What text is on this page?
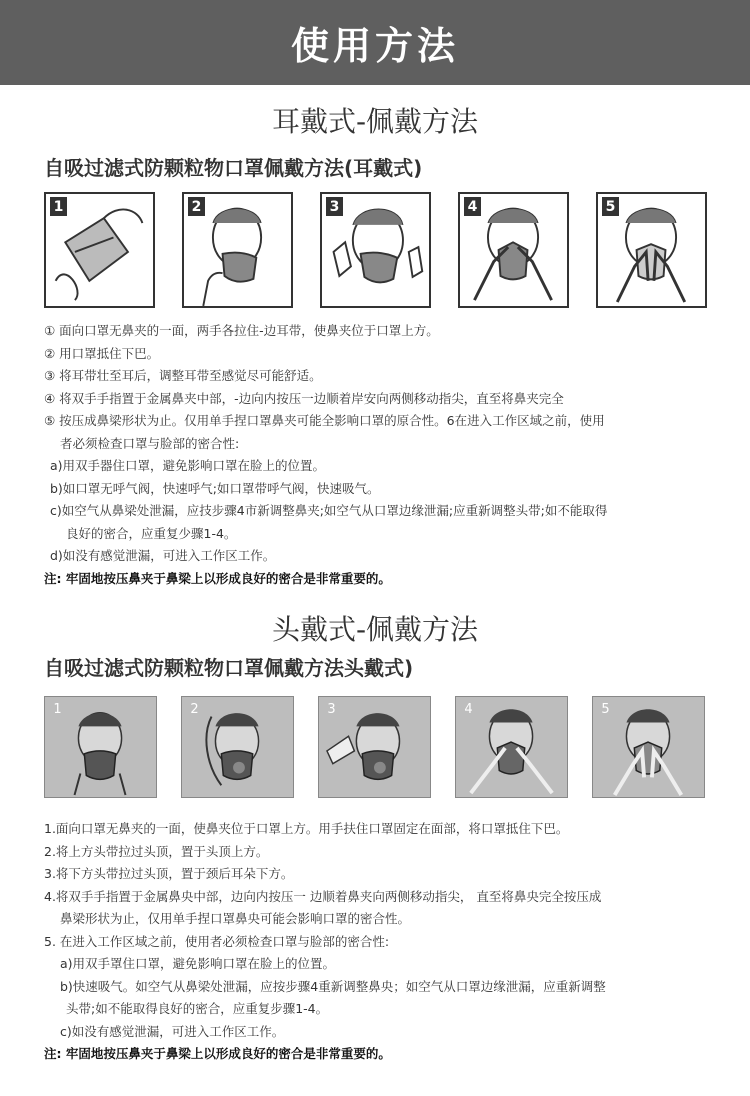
使用方法
耳戴式-佩戴方法
自吸过滤式防颗粒物口罩佩戴方法(耳戴式)
1	2	3	4	5
① 面向口罩无鼻夹的一面，两手各拉住-边耳带，使鼻夹位于口罩上方。
② 用口罩抵住下巴。
③ 将耳带壮至耳后，调整耳带至感觉尽可能舒适。
④ 将双手手指置于金属鼻夹中部，-边向内按压一边顺着岸安向两侧移动指尖，直至将鼻夹完全
⑤ 按压成鼻梁形状为止。仅用单手捏口罩鼻夹可能全影响口罩的原合性。6在进入工作区域之前，使用
者必须检查口罩与脸部的密合性:
a)用双手器住口罩，避免影响口罩在脸上的位置。
b)如口罩无呼气阀，快速呼气;如口罩带呼气阀，快速吸气。
c)如空气从鼻梁处泄漏，应技步骤4市新调整鼻夹;如空气从口罩边缘泄漏;应重新调整头带;如不能取得
良好的密合，应重复少骤1-4。
d)如没有感觉泄漏，可进入工作区工作。
注: 牢固地按压鼻夹于鼻梁上以形成良好的密合是非常重要的。
头戴式-佩戴方法
自吸过滤式防颗粒物口罩佩戴方法头戴式)
1	2	3	4	5
1.面向口罩无鼻夹的一面，使鼻夹位于口罩上方。用手扶住口罩固定在面部，将口罩抵住下巴。
2.将上方头带拉过头顶，置于头顶上方。
3.将下方头带拉过头顶，置于颈后耳朵下方。
4.将双手手指置于金属鼻央中部，边向内按压一 边顺着鼻夹向两侧移动指尖， 直至将鼻央完全按压成
鼻梁形状为止，仅用单手捏口罩鼻央可能会影响口罩的密合性。
5. 在进入工作区域之前，使用者必须检查口罩与脸部的密合性:
a)用双手罩住口罩，避免影响口罩在脸上的位置。
b)快速吸气。如空气从鼻梁处泄漏，应按步骤4重新调整鼻央；如空气从口罩边缘泄漏，应重新调整
头带;如不能取得良好的密合，应重复步骤1-4。
c)如没有感觉泄漏，可进入工作区工作。
注: 牢固地按压鼻夹于鼻梁上以形成良好的密合是非常重要的。
